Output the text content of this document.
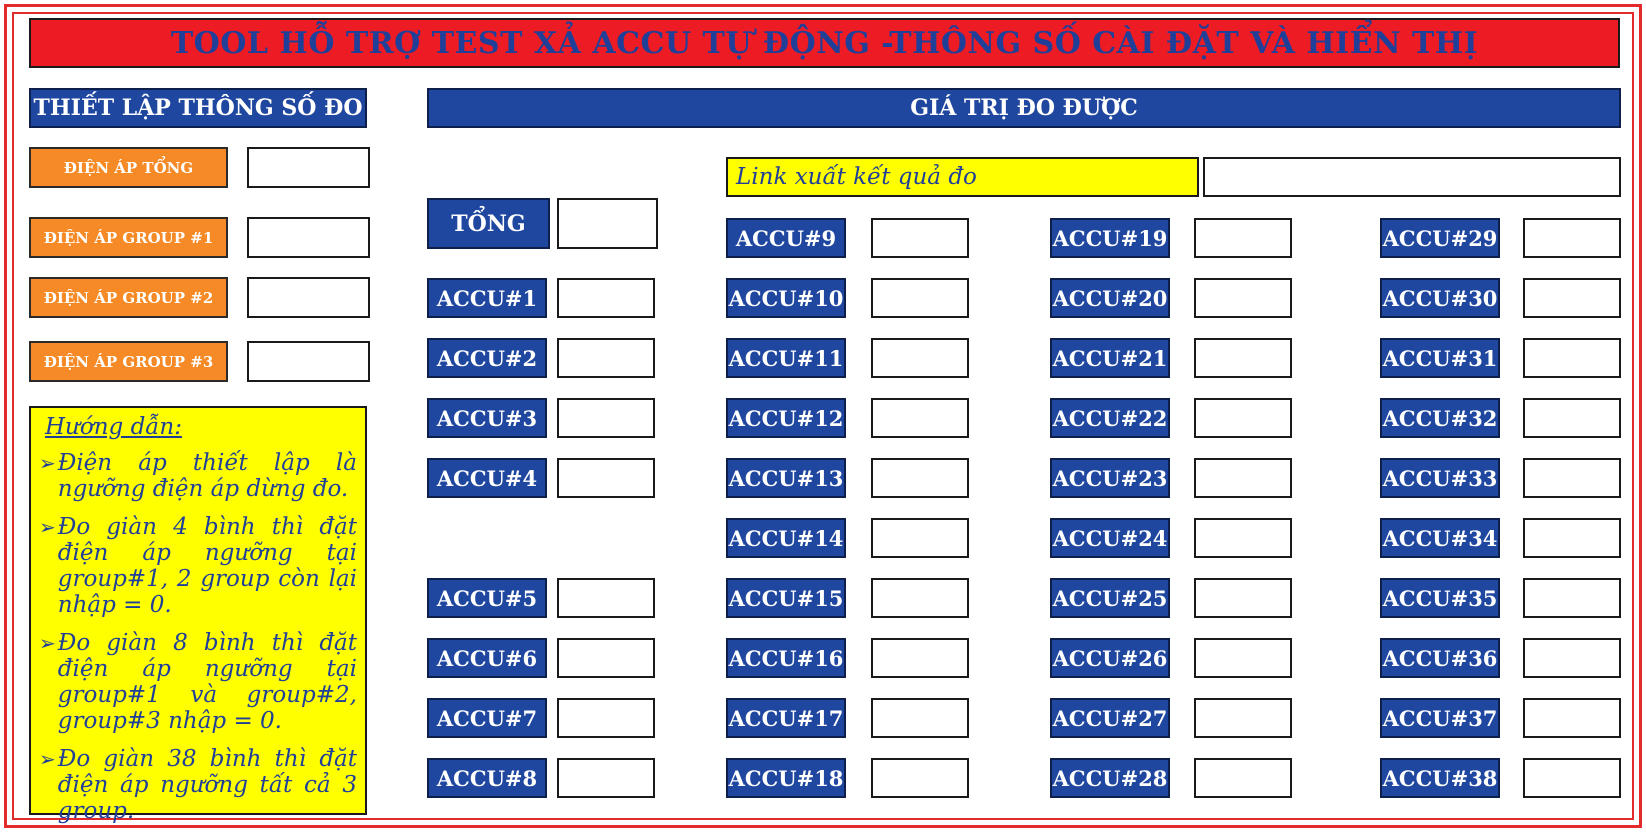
TOOL HỖ TRỢ TEST XẢ ACCU TỰ ĐỘNG -THÔNG SỐ CÀI ĐẶT VÀ HIỂN THỊ
THIẾT LẬP THÔNG SỐ ĐO
ĐIỆN ÁP TỔNG
ĐIỆN ÁP GROUP #1
ĐIỆN ÁP GROUP #2
ĐIỆN ÁP GROUP #3
Hướng dẫn:
➢ Điện áp thiết lập là ngưỡng điện áp dừng đo.
➢ Đo giàn 4 bình thì đặt điện áp ngưỡng tại group#1, 2 group còn lại nhập = 0.
➢ Đo giàn 8 bình thì đặt điện áp ngưỡng tại group#1 và group#2, group#3 nhập = 0.
➢ Đo giàn 38 bình thì đặt điện áp ngưỡng tất cả 3 group.
GIÁ TRỊ ĐO ĐƯỢC
Link xuất kết quả đo
TỔNG
ACCU#1
ACCU#2
ACCU#3
ACCU#4
ACCU#5
ACCU#6
ACCU#7
ACCU#8
ACCU#9
ACCU#10
ACCU#11
ACCU#12
ACCU#13
ACCU#14
ACCU#15
ACCU#16
ACCU#17
ACCU#18
ACCU#19
ACCU#20
ACCU#21
ACCU#22
ACCU#23
ACCU#24
ACCU#25
ACCU#26
ACCU#27
ACCU#28
ACCU#29
ACCU#30
ACCU#31
ACCU#32
ACCU#33
ACCU#34
ACCU#35
ACCU#36
ACCU#37
ACCU#38
